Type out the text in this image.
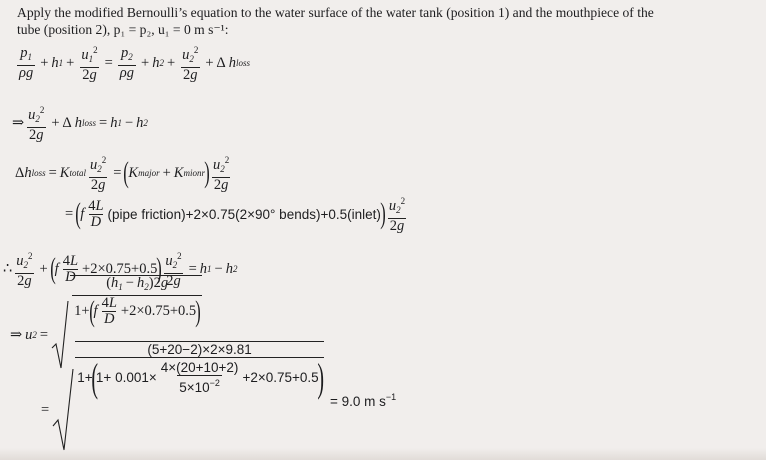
Apply the modified Bernoulli’s equation to the water surface of the water tank (position 1) and the mouthpiece of the
tube (position 2), p₁ = p₂, u₁ = 0 m s⁻¹:
$p_1$
ρg
+ h $1 + \frac{u_1^2}{2g} = \frac{p_2}{\rho g} + h$ $2 + \frac{u_2^2}{2g} + \Delta$ h loss
⇒ $u_2^2$
2g
+ Δ h loss = h 1 − h 2
Δ h loss = K total $\frac{u_2^2}{2g}$ = ( K major + K mionr ) $u_2^2$
2g
= ( f 4L
D (pipe friction) +2×0.75(2×90° bends) +0.5(inlet) ) $u_2^2$
2g
∴ $u_2^2$
2g
+ ( f 4L
D +2×0.75+0.5 ) $\frac{u_2^2}{2g} = h$ 1 − h 2
⇒ u 2 =
$(h_1 - h_2)2g$
1+ ( f 4L
D +2×0.75+0.5 )
=
(5+20−2)×2×9.81
1+
(
$1+ 0.001\times \frac{4\times(20+10+2)}{5\times 10^{-2}} +2\times 0.75+0.5$
)
= 9.0 m $s^{-1}$
